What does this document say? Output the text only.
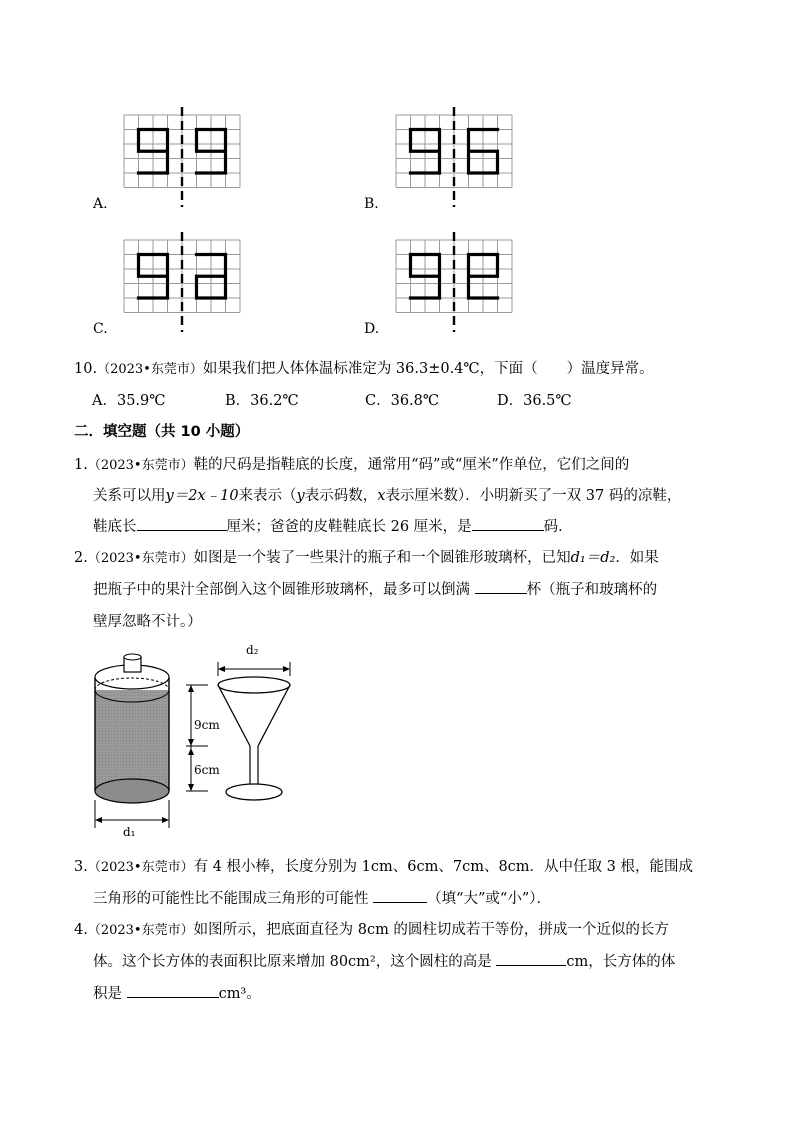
A.	B.
C.	D.
10.（2023•东莞市）如果我们把人体体温标准定为 36.3±0.4℃，下面（　　）温度异常。
A．35.9℃	B．36.2℃	C．36.8℃	D．36.5℃
二．填空题（共 10 小题）
1.（2023•东莞市）鞋的尺码是指鞋底的长度，通常用“码”或“厘米”作单位，它们之间的
关系可以用y＝2x﹣10来表示（y表示码数，x表示厘米数）．小明新买了一双 37 码的凉鞋，
鞋底长	厘米；爸爸的皮鞋鞋底长 26 厘米，是	码．
2.（2023•东莞市）如图是一个装了一些果汁的瓶子和一个圆锥形玻璃杯，已知d₁＝d₂．如果
把瓶子中的果汁全部倒入这个圆锥形玻璃杯，最多可以倒满	杯（瓶子和玻璃杯的
壁厚忽略不计。）
d₁
9cm
6cm
d₂
3.（2023•东莞市）有 4 根小棒，长度分别为 1cm、6cm、7cm、8cm．从中任取 3 根，能围成
三角形的可能性比不能围成三角形的可能性	（填“大”或“小”）．
4.（2023•东莞市）如图所示，把底面直径为 8cm 的圆柱切成若干等份，拼成一个近似的长方
体。这个长方体的表面积比原来增加 80cm²，这个圆柱的高是	cm，长方体的体
积是	cm³。
